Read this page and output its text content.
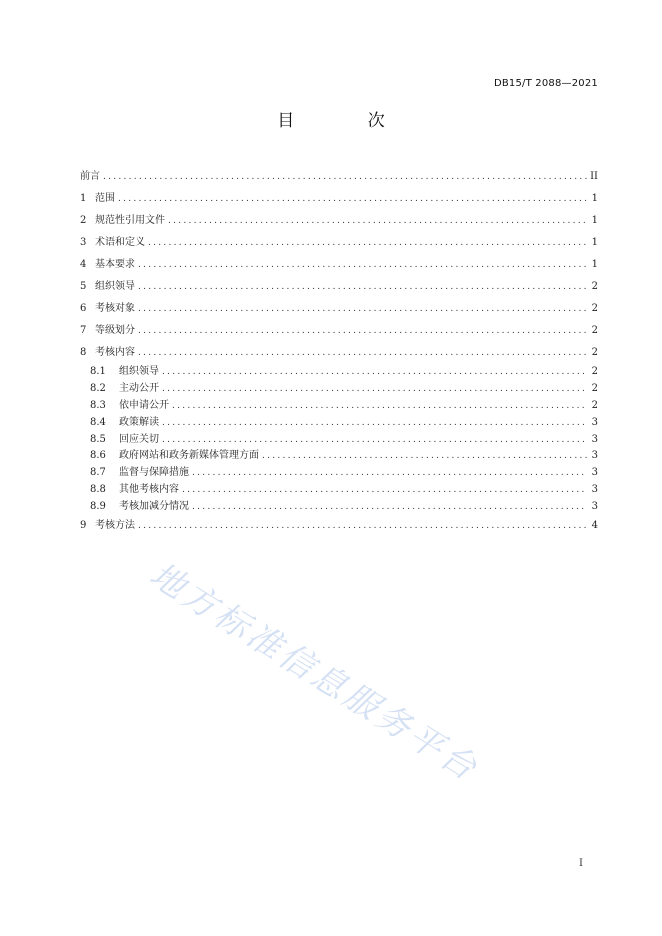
DB15/T 2088—2021
目 次
前言 . . .	II
1 范围 . . .	1
2 规范性引用文件 . . .	1
3 术语和定义 . . .	1
4 基本要求 . . .	1
5 组织领导 . . .	2
6 考核对象 . . .	2
7 等级划分 . . .	2
8 考核内容 . . .	2
8.1	组织领导 . . .	2
8.2	主动公开 . . .	2
8.3	依申请公开 . . .	2
8.4	政策解读 . . .	3
8.5	回应关切 . . .	3
8.6	政府网站和政务新媒体管理方面 . . .	3
8.7	监督与保障措施 . . .	3
8.8	其他考核内容 . . .	3
8.9	考核加减分情况 . . .	3
9 考核方法 . . .	4
地方标准信息服务平台
I
